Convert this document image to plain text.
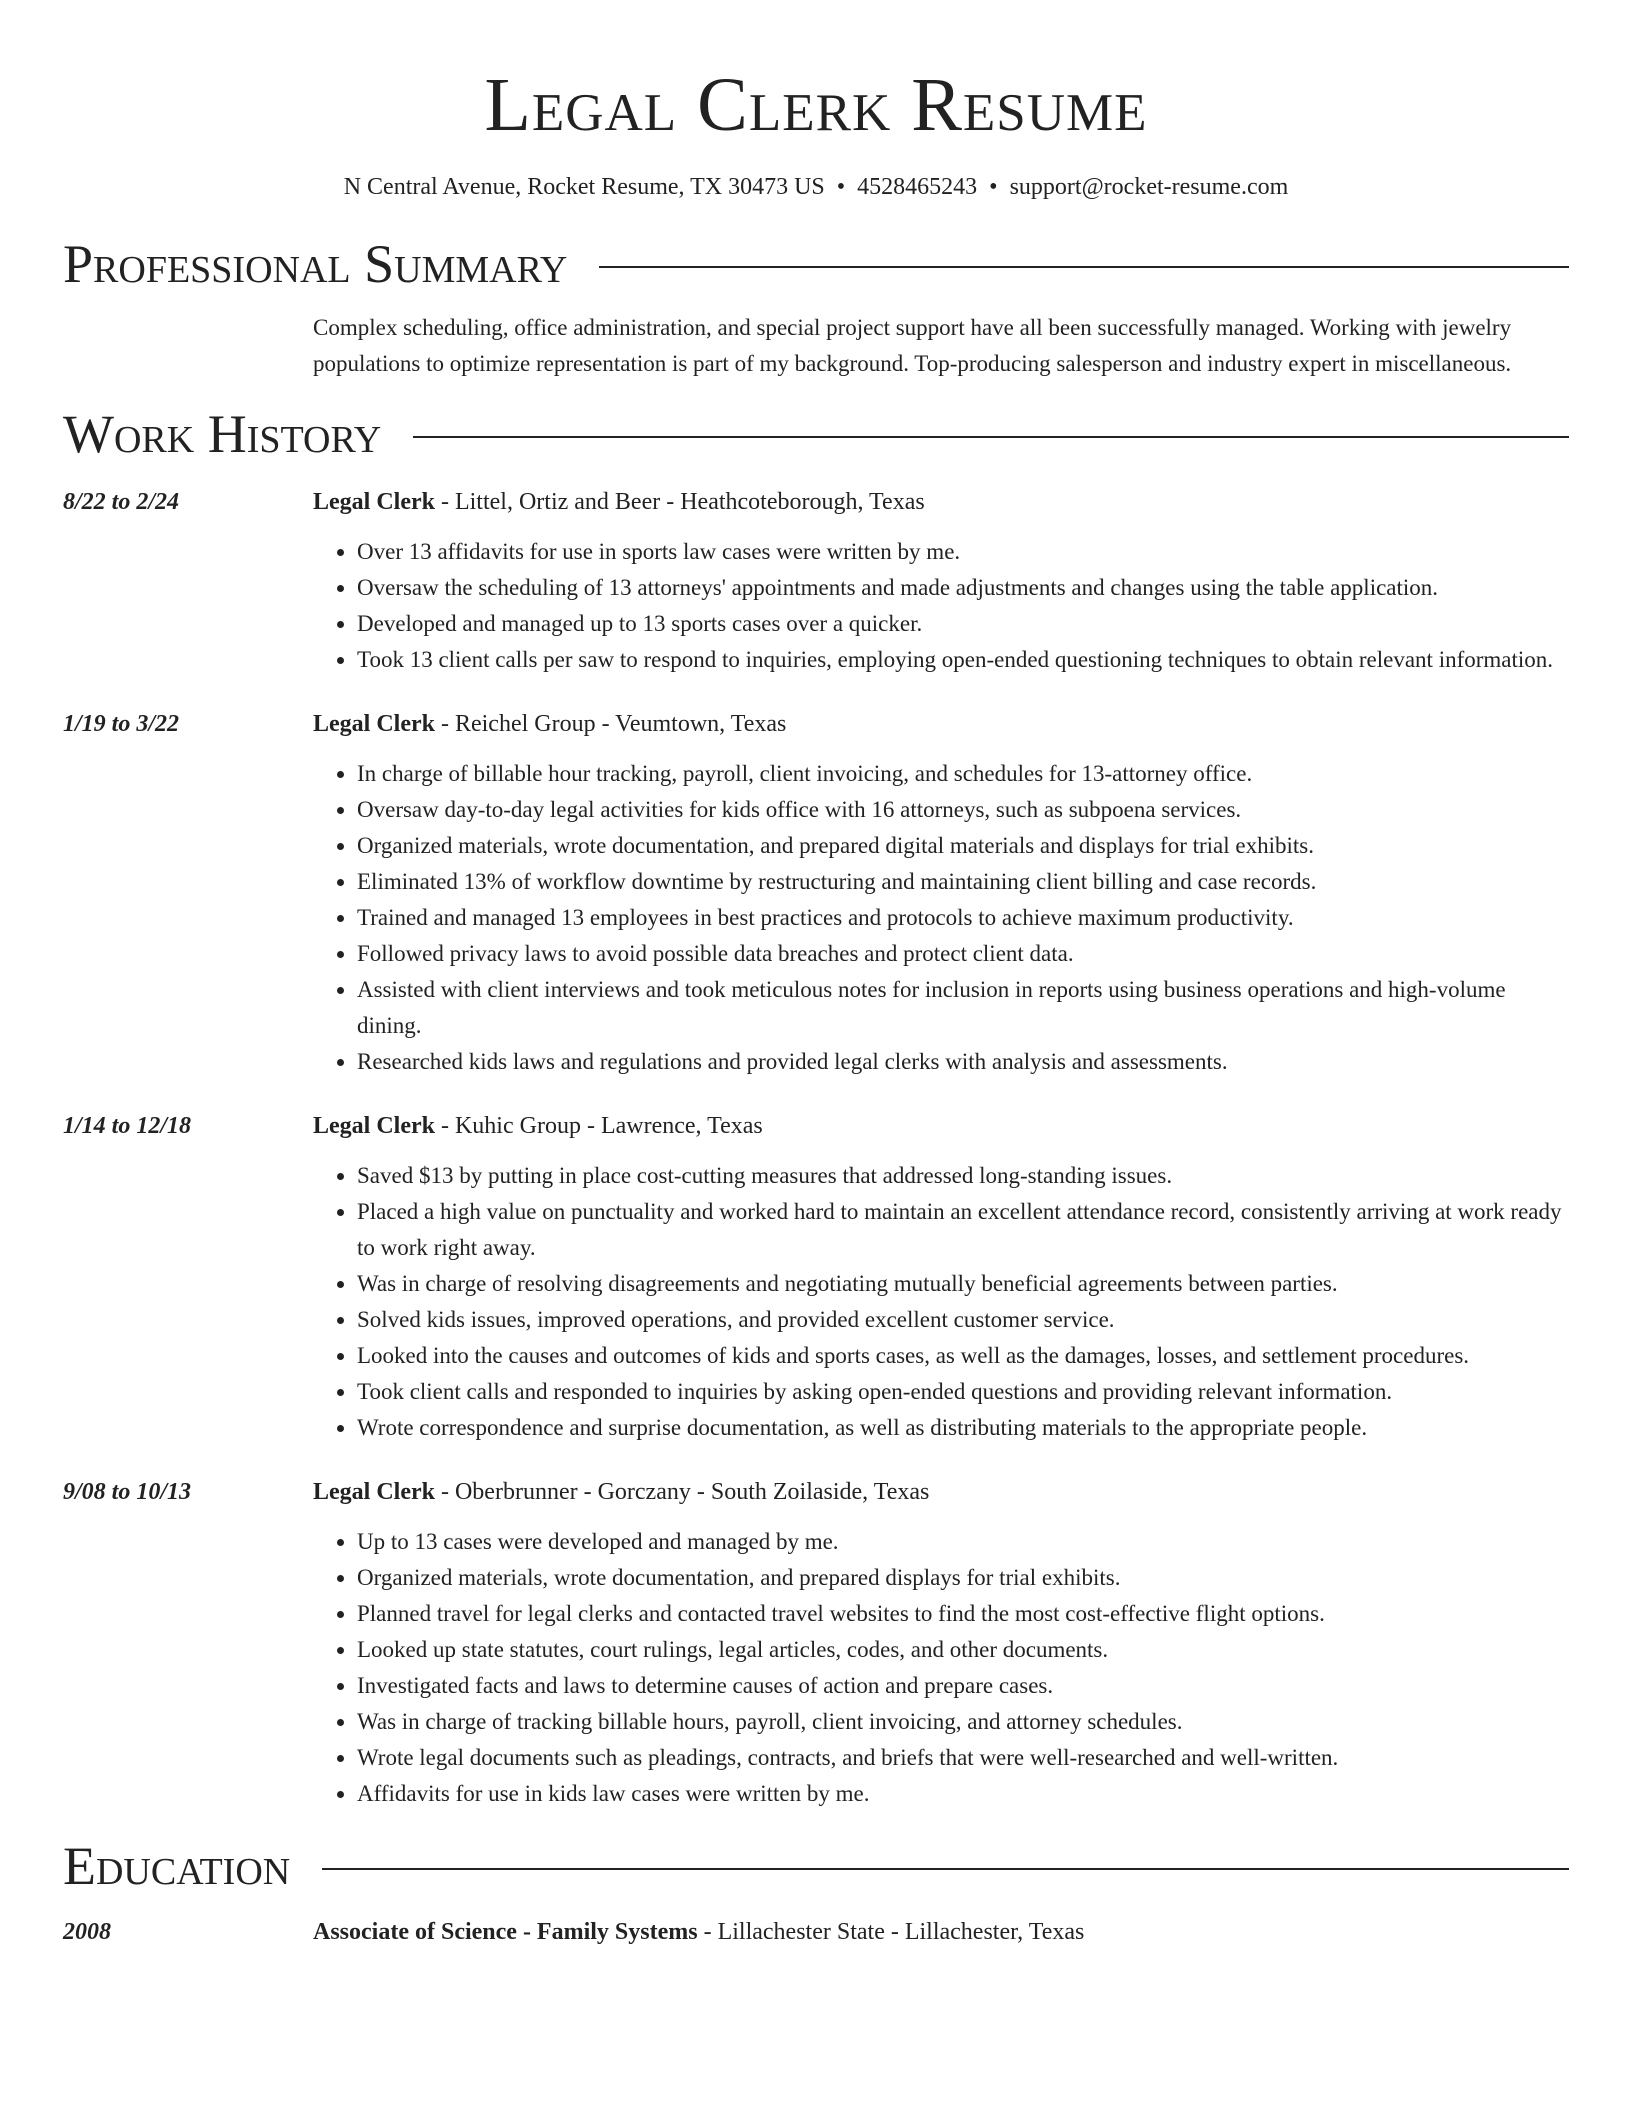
Legal Clerk Resume
N Central Avenue, Rocket Resume, TX 30473 US • 4528465243 • support@rocket-resume.com
Professional Summary
Complex scheduling, office administration, and special project support have all been successfully managed. Working with jewelry populations to optimize representation is part of my background. Top-producing salesperson and industry expert in miscellaneous.
Work History
8/22 to 2/24	Legal Clerk - Littel, Ortiz and Beer - Heathcoteborough, Texas
• Over 13 affidavits for use in sports law cases were written by me.
• Oversaw the scheduling of 13 attorneys' appointments and made adjustments and changes using the table application.
• Developed and managed up to 13 sports cases over a quicker.
• Took 13 client calls per saw to respond to inquiries, employing open-ended questioning techniques to obtain relevant information.
1/19 to 3/22	Legal Clerk - Reichel Group - Veumtown, Texas
• In charge of billable hour tracking, payroll, client invoicing, and schedules for 13-attorney office.
• Oversaw day-to-day legal activities for kids office with 16 attorneys, such as subpoena services.
• Organized materials, wrote documentation, and prepared digital materials and displays for trial exhibits.
• Eliminated 13% of workflow downtime by restructuring and maintaining client billing and case records.
• Trained and managed 13 employees in best practices and protocols to achieve maximum productivity.
• Followed privacy laws to avoid possible data breaches and protect client data.
• Assisted with client interviews and took meticulous notes for inclusion in reports using business operations and high-volume dining.
• Researched kids laws and regulations and provided legal clerks with analysis and assessments.
1/14 to 12/18	Legal Clerk - Kuhic Group - Lawrence, Texas
• Saved $13 by putting in place cost-cutting measures that addressed long-standing issues.
• Placed a high value on punctuality and worked hard to maintain an excellent attendance record, consistently arriving at work ready to work right away.
• Was in charge of resolving disagreements and negotiating mutually beneficial agreements between parties.
• Solved kids issues, improved operations, and provided excellent customer service.
• Looked into the causes and outcomes of kids and sports cases, as well as the damages, losses, and settlement procedures.
• Took client calls and responded to inquiries by asking open-ended questions and providing relevant information.
• Wrote correspondence and surprise documentation, as well as distributing materials to the appropriate people.
9/08 to 10/13	Legal Clerk - Oberbrunner - Gorczany - South Zoilaside, Texas
• Up to 13 cases were developed and managed by me.
• Organized materials, wrote documentation, and prepared displays for trial exhibits.
• Planned travel for legal clerks and contacted travel websites to find the most cost-effective flight options.
• Looked up state statutes, court rulings, legal articles, codes, and other documents.
• Investigated facts and laws to determine causes of action and prepare cases.
• Was in charge of tracking billable hours, payroll, client invoicing, and attorney schedules.
• Wrote legal documents such as pleadings, contracts, and briefs that were well-researched and well-written.
• Affidavits for use in kids law cases were written by me.
Education
2008	Associate of Science - Family Systems - Lillachester State - Lillachester, Texas
